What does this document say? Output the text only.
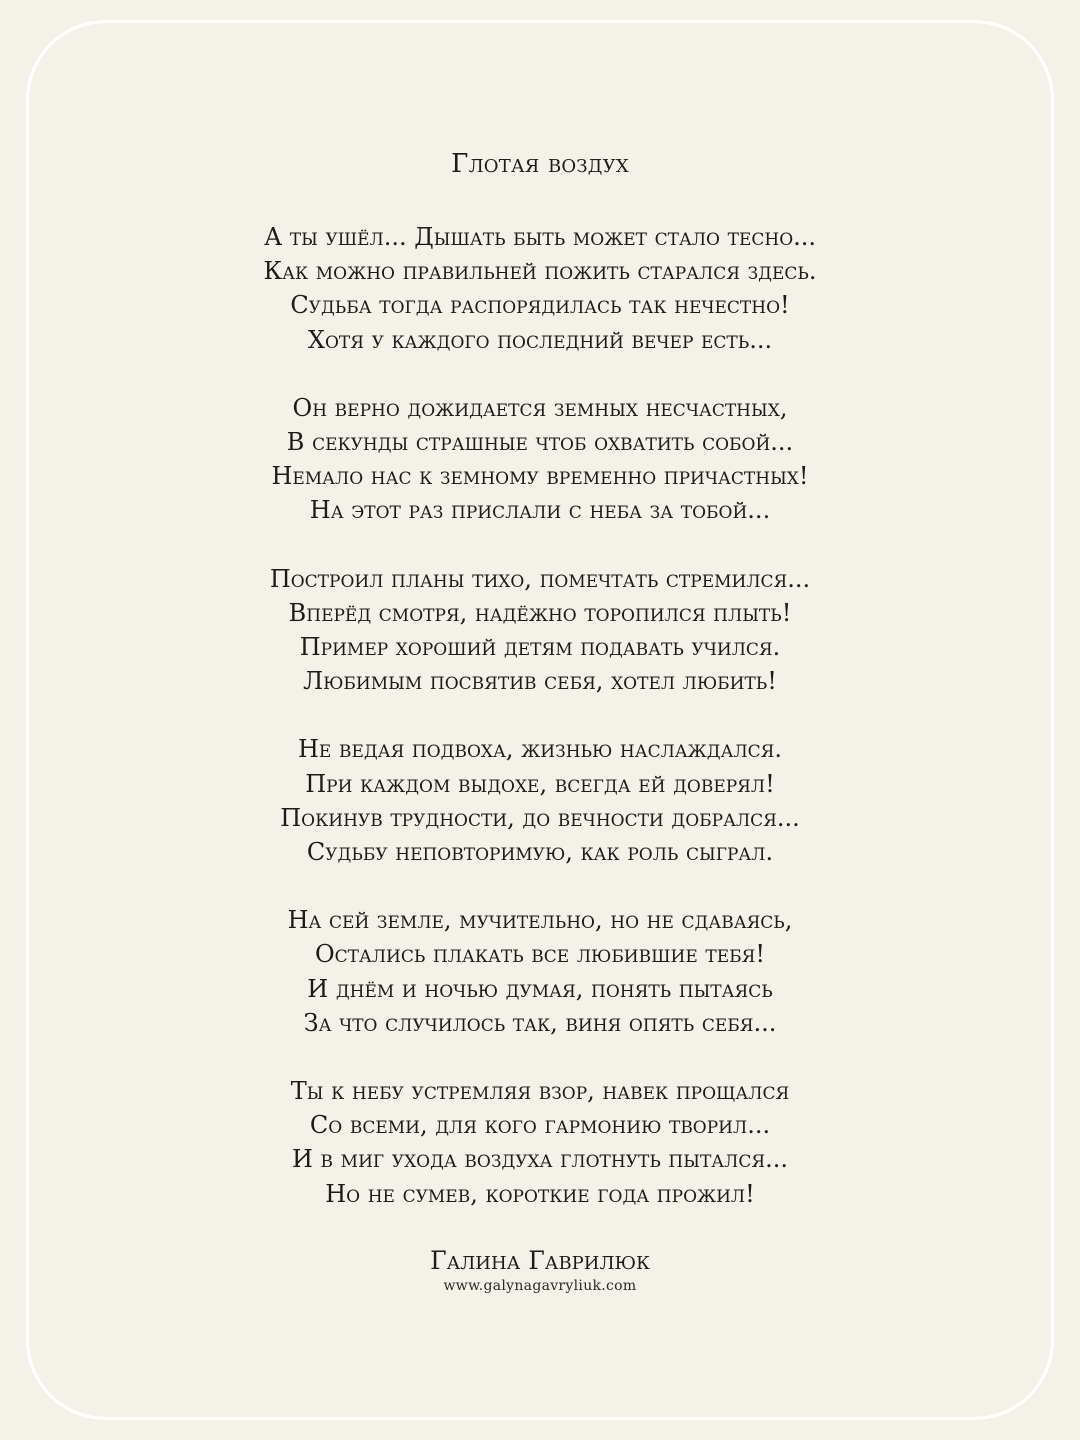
Глотая воздух
А ты ушёл... Дышать быть может стало тесно...
Как можно правильней пожить старался здесь.
Судьба тогда распорядилась так нечестно!
Хотя у каждого последний вечер есть...
Он верно дожидается земных несчастных,
В секунды страшные чтоб охватить собой...
Немало нас к земному временно причастных!
На этот раз прислали с неба за тобой...
Построил планы тихо, помечтать стремился...
Вперёд смотря, надёжно торопился плыть!
Пример хороший детям подавать учился.
Любимым посвятив себя, хотел любить!
Не ведая подвоха, жизнью наслаждался.
При каждом выдохе, всегда ей доверял!
Покинув трудности, до вечности добрался...
Судьбу неповторимую, как роль сыграл.
На сей земле, мучительно, но не сдаваясь,
Остались плакать все любившие тебя!
И днём и ночью думая, понять пытаясь
За что случилось так, виня опять себя...
Ты к небу устремляя взор, навек прощался
Со всеми, для кого гармонию творил...
И в миг ухода воздуха глотнуть пытался...
Но не сумев, короткие года прожил!
Галина Гаврилюк
www.galynagavryliuk.com
